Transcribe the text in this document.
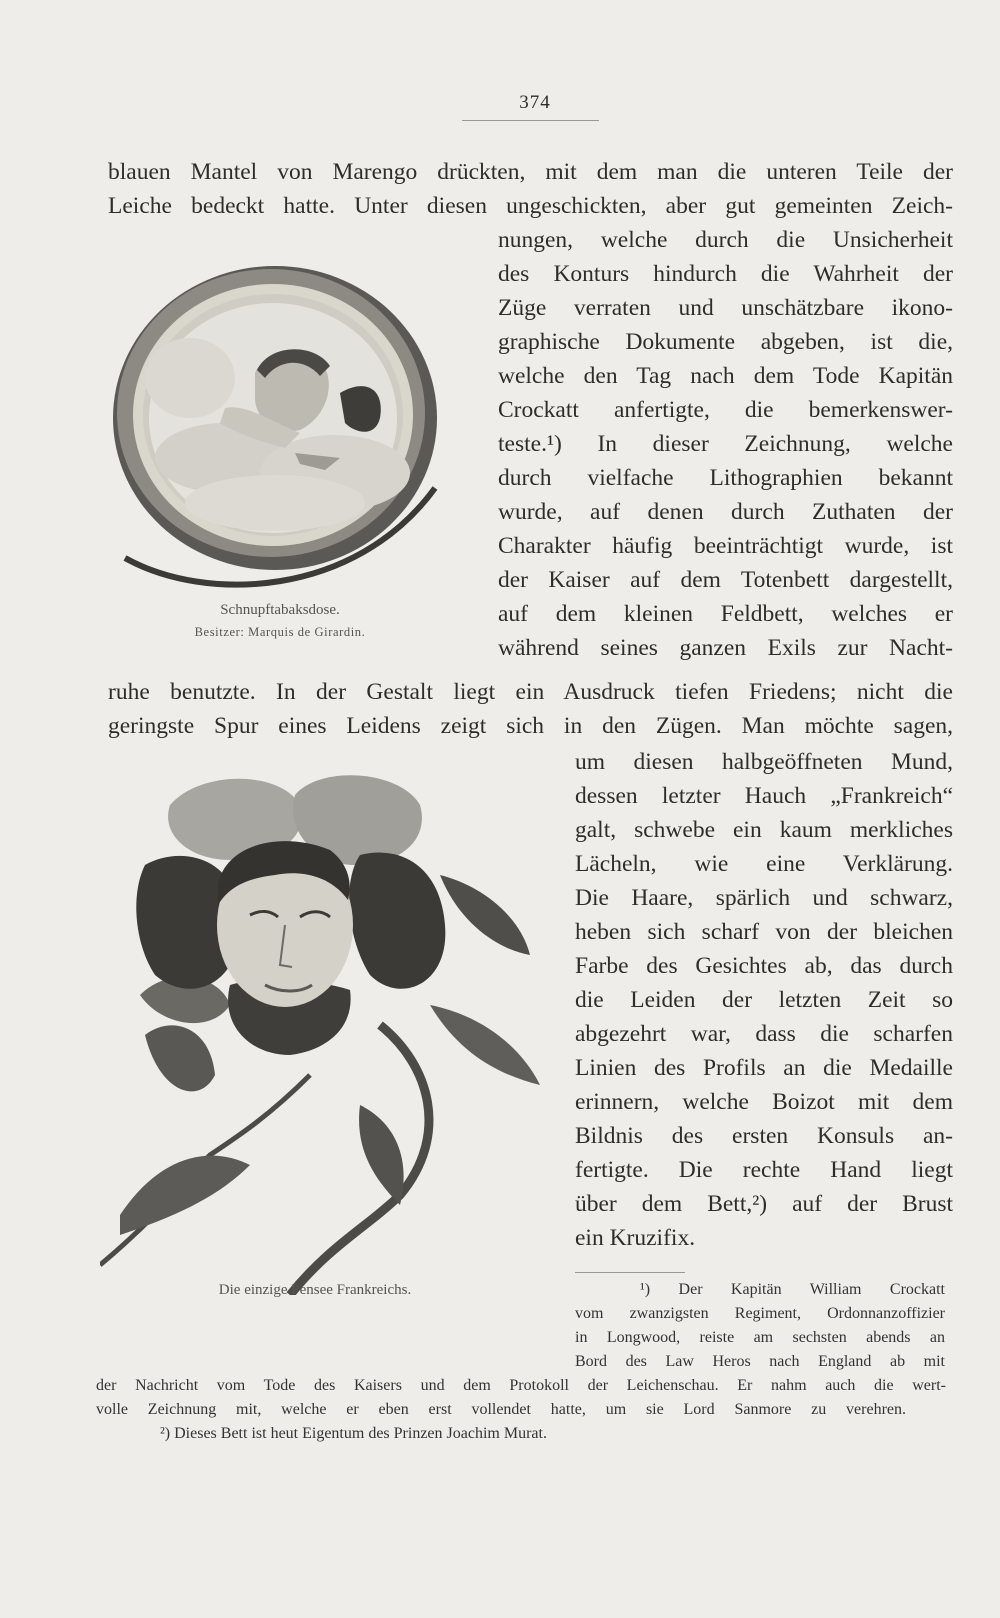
374
blauen Mantel von Marengo drückten, mit dem man die unteren Teile der
Leiche bedeckt hatte. Unter diesen ungeschickten, aber gut gemeinten Zeich-
nungen, welche durch die Unsicherheit
des Konturs hindurch die Wahrheit der
Züge verraten und unschätzbare ikono-
graphische Dokumente abgeben, ist die,
welche den Tag nach dem Tode Kapitän
Crockatt anfertigte, die bemerkenswer-
teste.¹) In dieser Zeichnung, welche
durch vielfache Lithographien bekannt
wurde, auf denen durch Zuthaten der
Charakter häufig beeinträchtigt wurde, ist
der Kaiser auf dem Totenbett dargestellt,
auf dem kleinen Feldbett, welches er
während seines ganzen Exils zur Nacht-
ruhe benutzte. In der Gestalt liegt ein Ausdruck tiefen Friedens; nicht die
geringste Spur eines Leidens zeigt sich in den Zügen. Man möchte sagen,
um diesen halbgeöffneten Mund,
dessen letzter Hauch „Frankreich“
galt, schwebe ein kaum merkliches
Lächeln, wie eine Verklärung.
Die Haare, spärlich und schwarz,
heben sich scharf von der bleichen
Farbe des Gesichtes ab, das durch
die Leiden der letzten Zeit so
abgezehrt war, dass die scharfen
Linien des Profils an die Medaille
erinnern, welche Boizot mit dem
Bildnis des ersten Konsuls an-
fertigte. Die rechte Hand liegt
über dem Bett,²) auf der Brust
ein Kruzifix.
Schnupftabaksdose.
Besitzer: Marquis de Girardin.
Die einzige Pensee Frankreichs.	¹) Der Kapitän William Crockatt
vom zwanzigsten Regiment, Ordonnanzoffizier
in Longwood, reiste am sechsten abends an
Bord des Law Heros nach England ab mit
der Nachricht vom Tode des Kaisers und dem Protokoll der Leichenschau. Er nahm auch die wert-
volle Zeichnung mit, welche er eben erst vollendet hatte, um sie Lord Sanmore zu verehren.
²) Dieses Bett ist heut Eigentum des Prinzen Joachim Murat.
